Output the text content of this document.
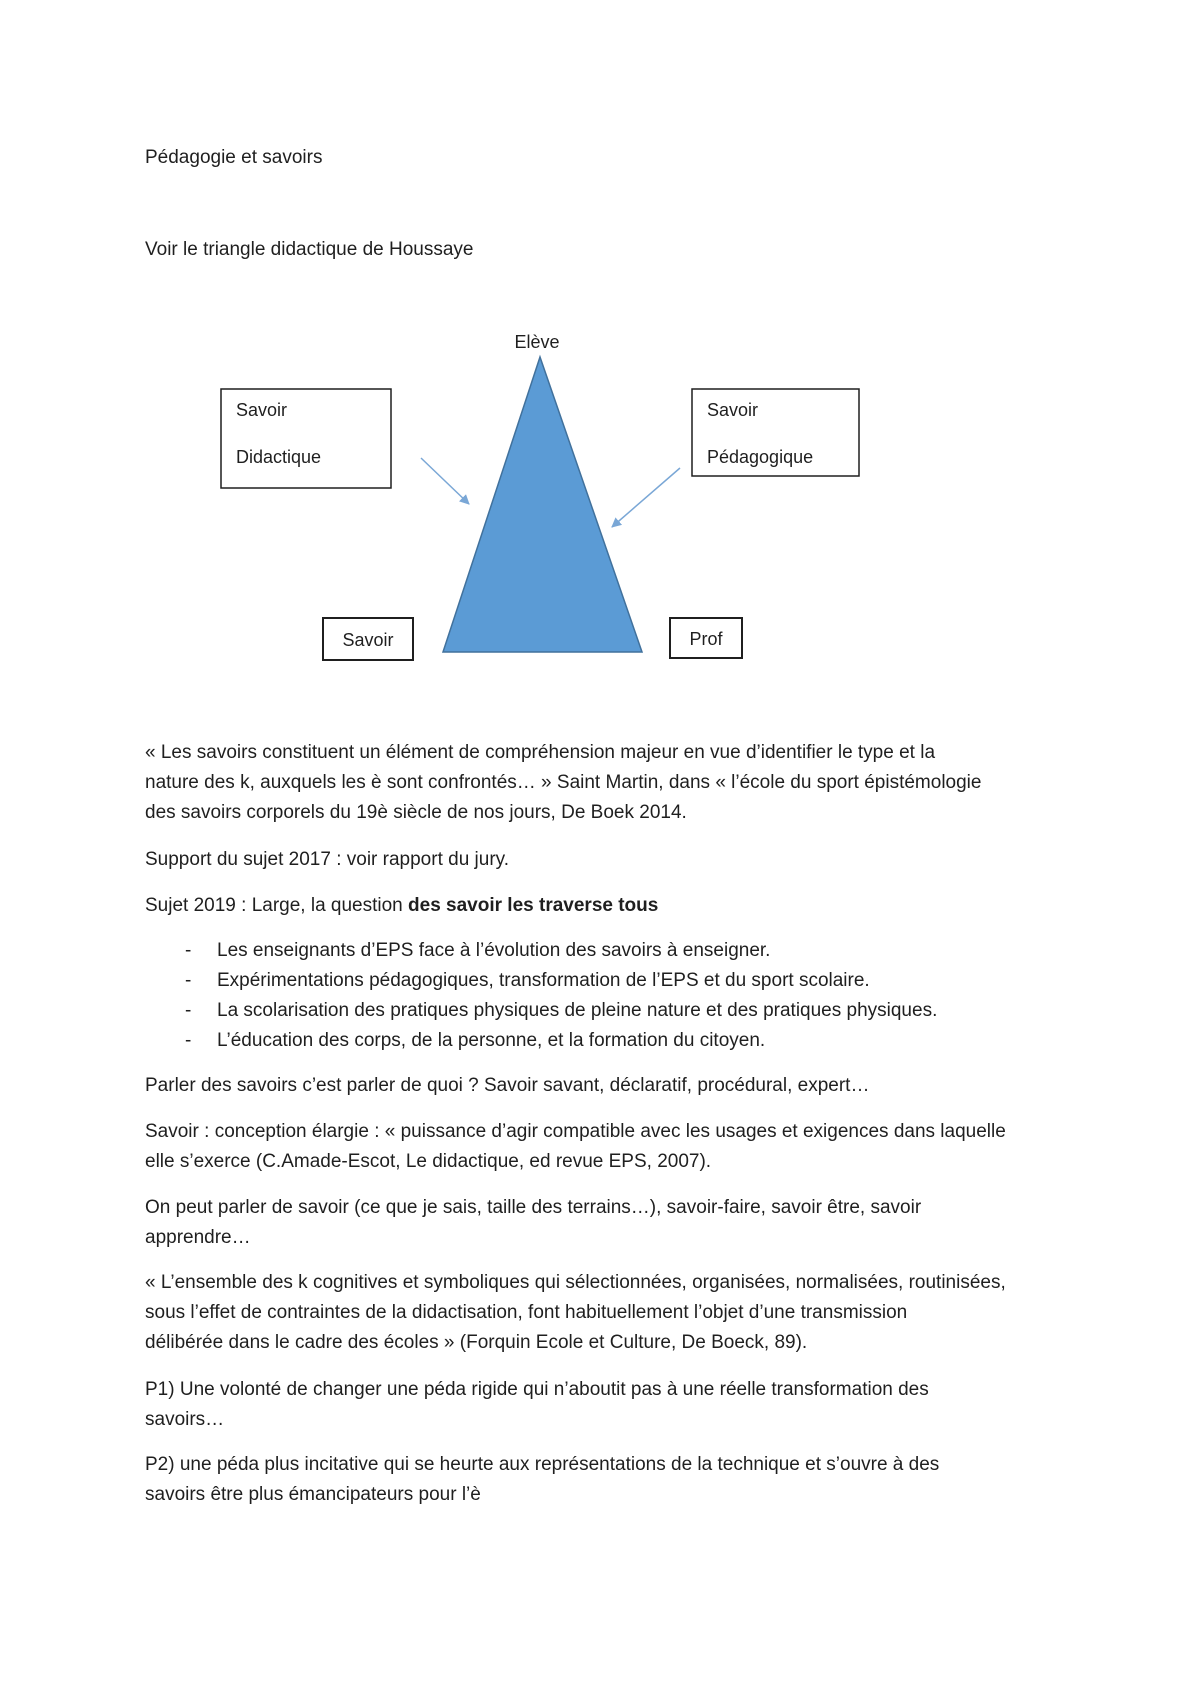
Pédagogie et savoirs
Voir le triangle didactique de Houssaye
Elève
Savoir
Didactique
Savoir
Pédagogique
Savoir	Prof

« Les savoirs constituent un élément de compréhension majeur en vue d’identifier le type et la

nature des k, auxquels les è sont confrontés… » Saint Martin, dans « l’école du sport épistémologie

des savoirs corporels du 19è siècle de nos jours, De Boek 2014.

Support du sujet 2017 : voir rapport du jury.
Sujet 2019 : Large, la question des savoir les traverse tous
- Les enseignants d’EPS face à l’évolution des savoirs à enseigner.
- Expérimentations pédagogiques, transformation de l’EPS et du sport scolaire.
- La scolarisation des pratiques physiques de pleine nature et des pratiques physiques.
- L’éducation des corps, de la personne, et la formation du citoyen.
Parler des savoirs c’est parler de quoi ? Savoir savant, déclaratif, procédural, expert…

Savoir : conception élargie : « puissance d’agir compatible avec les usages et exigences dans laquelle

elle s’exerce (C.Amade-Escot, Le didactique, ed revue EPS, 2007).

On peut parler de savoir (ce que je sais, taille des terrains…), savoir-faire, savoir être, savoir

apprendre…

« L’ensemble des k cognitives et symboliques qui sélectionnées, organisées, normalisées, routinisées,

sous l’effet de contraintes de la didactisation, font habituellement l’objet d’une transmission

délibérée dans le cadre des écoles » (Forquin Ecole et Culture, De Boeck, 89).

P1) Une volonté de changer une péda rigide qui n’aboutit pas à une réelle transformation des

savoirs…

P2) une péda plus incitative qui se heurte aux représentations de la technique et s’ouvre à des

savoirs être plus émancipateurs pour l’è
